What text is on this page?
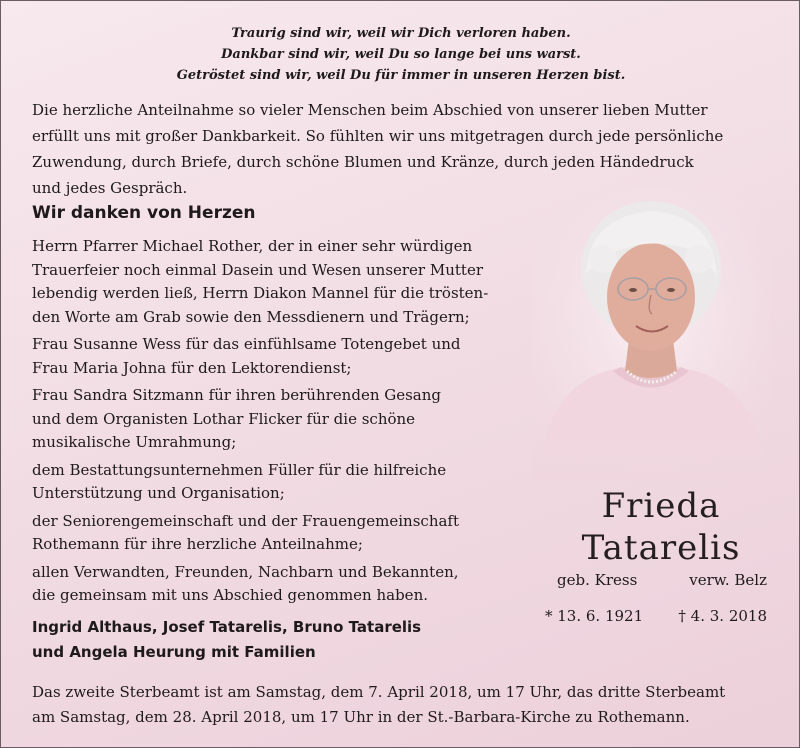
Traurig sind wir, weil wir Dich verloren haben.
Dankbar sind wir, weil Du so lange bei uns warst.
Getröstet sind wir, weil Du für immer in unseren Herzen bist.
Die herzliche Anteilnahme so vieler Menschen beim Abschied von unserer lieben Mutter
erfüllt uns mit großer Dankbarkeit. So fühlten wir uns mitgetragen durch jede persönliche
Zuwendung, durch Briefe, durch schöne Blumen und Kränze, durch jeden Händedruck
und jedes Gespräch.
Wir danken von Herzen
Herrn Pfarrer Michael Rother, der in einer sehr würdigen
Trauerfeier noch einmal Dasein und Wesen unserer Mutter
lebendig werden ließ, Herrn Diakon Mannel für die trösten-
den Worte am Grab sowie den Messdienern und Trägern;
Frau Susanne Wess für das einfühlsame Totengebet und
Frau Maria Johna für den Lektorendienst;
Frau Sandra Sitzmann für ihren berührenden Gesang
und dem Organisten Lothar Flicker für die schöne
musikalische Umrahmung;
dem Bestattungsunternehmen Füller für die hilfreiche
Unterstützung und Organisation;
der Seniorengemeinschaft und der Frauengemeinschaft
Rothemann für ihre herzliche Anteilnahme;
allen Verwandten, Freunden, Nachbarn und Bekannten,
die gemeinsam mit uns Abschied genommen haben.
Ingrid Althaus, Josef Tatarelis, Bruno Tatarelis
und Angela Heurung mit Familien
Das zweite Sterbeamt ist am Samstag, dem 7. April 2018, um 17 Uhr, das dritte Sterbeamt
am Samstag, dem 28. April 2018, um 17 Uhr in der St.-Barbara-Kirche zu Rothemann.
Frieda
Tatarelis
geb. Kress	verw. Belz
* 13. 6. 1921 † 4. 3. 2018
